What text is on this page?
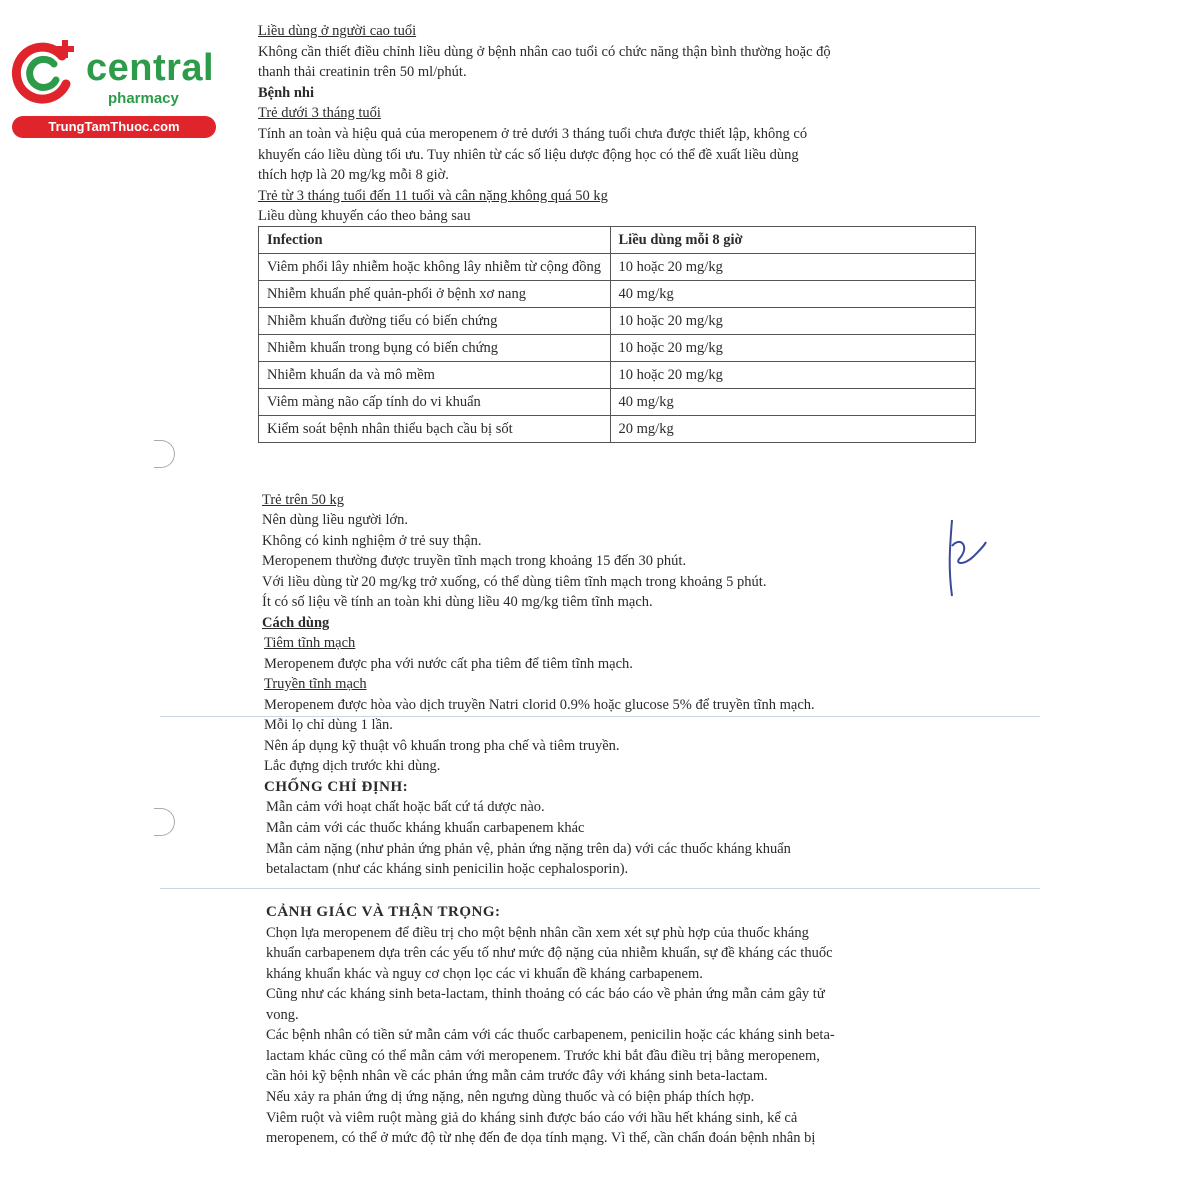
central
pharmacy
TrungTamThuoc.com
Liều dùng ở người cao tuổi
Không cần thiết điều chỉnh liều dùng ở bệnh nhân cao tuổi có chức năng thận bình thường hoặc độ
thanh thải creatinin trên 50 ml/phút.
Bệnh nhi
Trẻ dưới 3 tháng tuổi
Tính an toàn và hiệu quả của meropenem ở trẻ dưới 3 tháng tuổi chưa được thiết lập, không có
khuyến cáo liều dùng tối ưu. Tuy nhiên từ các số liệu dược động học có thể đề xuất liều dùng
thích hợp là 20 mg/kg mỗi 8 giờ.
Trẻ từ 3 tháng tuổi đến 11 tuổi và cân nặng không quá 50 kg
Liều dùng khuyến cáo theo bảng sau
Infection	Liều dùng mỗi 8 giờ
Viêm phổi lây nhiễm hoặc không lây nhiễm từ cộng đồng	10 hoặc 20 mg/kg
Nhiễm khuẩn phế quản-phổi ở bệnh xơ nang	40 mg/kg
Nhiễm khuẩn đường tiểu có biến chứng	10 hoặc 20 mg/kg
Nhiễm khuẩn trong bụng có biến chứng	10 hoặc 20 mg/kg
Nhiễm khuẩn da và mô mềm	10 hoặc 20 mg/kg
Viêm màng não cấp tính do vi khuẩn	40 mg/kg
Kiểm soát bệnh nhân thiểu bạch cầu bị sốt	20 mg/kg
Trẻ trên 50 kg
Nên dùng liều người lớn.
Không có kinh nghiệm ở trẻ suy thận.
Meropenem thường được truyền tĩnh mạch trong khoảng 15 đến 30 phút.
Với liều dùng từ 20 mg/kg trở xuống, có thể dùng tiêm tĩnh mạch trong khoảng 5 phút.
Ít có số liệu về tính an toàn khi dùng liều 40 mg/kg tiêm tĩnh mạch.
Cách dùng
Tiêm tĩnh mạch
Meropenem được pha với nước cất pha tiêm để tiêm tĩnh mạch.
Truyền tĩnh mạch
Meropenem được hòa vào dịch truyền Natri clorid 0.9% hoặc glucose 5% để truyền tĩnh mạch.
Mỗi lọ chỉ dùng 1 lần.
Nên áp dụng kỹ thuật vô khuẩn trong pha chế và tiêm truyền.
Lắc đựng dịch trước khi dùng.
CHỐNG CHỈ ĐỊNH:
Mẫn cảm với hoạt chất hoặc bất cứ tá dược nào.
Mẫn cảm với các thuốc kháng khuẩn carbapenem khác
Mẫn cảm nặng (như phản ứng phản vệ, phản ứng nặng trên da) với các thuốc kháng khuẩn
betalactam (như các kháng sinh penicilin hoặc cephalosporin).
CẢNH GIÁC VÀ THẬN TRỌNG:
Chọn lựa meropenem để điều trị cho một bệnh nhân cần xem xét sự phù hợp của thuốc kháng
khuẩn carbapenem dựa trên các yếu tố như mức độ nặng của nhiễm khuẩn, sự đề kháng các thuốc
kháng khuẩn khác và nguy cơ chọn lọc các vi khuẩn đề kháng carbapenem.
Cũng như các kháng sinh beta-lactam, thỉnh thoảng có các báo cáo về phản ứng mẫn cảm gây tử
vong.
Các bệnh nhân có tiền sử mẫn cảm với các thuốc carbapenem, penicilin hoặc các kháng sinh beta-
lactam khác cũng có thể mẫn cảm với meropenem. Trước khi bắt đầu điều trị bằng meropenem,
cần hỏi kỹ bệnh nhân về các phản ứng mẫn cảm trước đây với kháng sinh beta-lactam.
Nếu xảy ra phản ứng dị ứng nặng, nên ngưng dùng thuốc và có biện pháp thích hợp.
Viêm ruột và viêm ruột màng giả do kháng sinh được báo cáo với hầu hết kháng sinh, kể cả
meropenem, có thể ở mức độ từ nhẹ đến đe dọa tính mạng. Vì thế, cần chẩn đoán bệnh nhân bị
